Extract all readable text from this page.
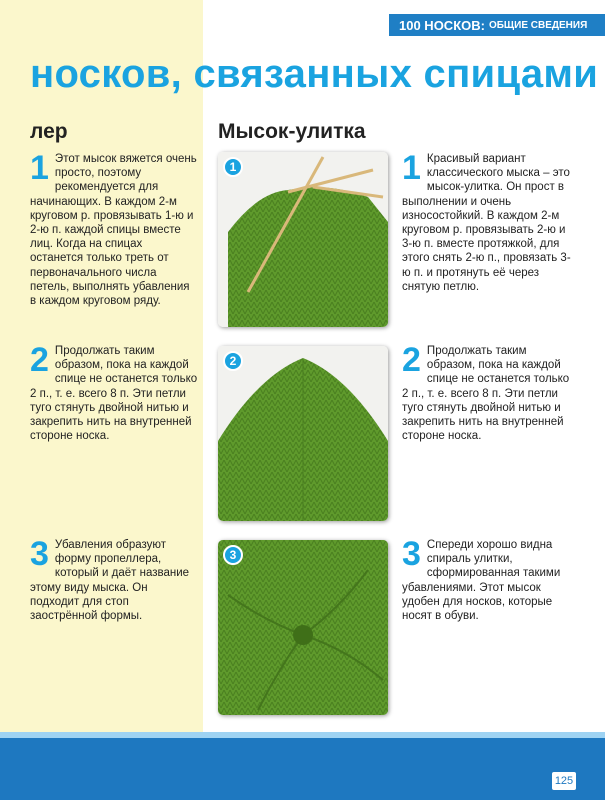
100 НОСКОВ: ОБЩИЕ СВЕДЕНИЯ
носков, связанных спицами
лер	Мысок-улитка
1 Этот мысок вяжется очень просто, поэтому рекомендуется для начинающих. В каждом 2-м круговом р. провязывать 1-ю и 2-ю п. каждой спицы вместе лиц. Когда на спицах останется только треть от первоначального числа петель, выполнять убавления в каждом круговом ряду.
2 Продолжать таким образом, пока на каждой спице не останется только 2 п., т. е. всего 8 п. Эти петли туго стянуть двойной нитью и закрепить нить на внутренней стороне носка.
3 Убавления образуют форму пропеллера, который и даёт название этому виду мыска. Он подходит для стоп заострённой формы.
1
2
3
1 Красивый вариант классического мыска – это мысок-улитка. Он прост в выполнении и очень износостойкий. В каждом 2-м круговом р. провязывать 2-ю и 3-ю п. вместе протяжкой, для этого снять 2-ю п., провязать 3-ю п. и протянуть её через снятую петлю.
2 Продолжать таким образом, пока на каждой спице не останется только 2 п., т. е. всего 8 п. Эти петли туго стянуть двойной нитью и закрепить нить на внутренней стороне носка.
3 Спереди хорошо видна спираль улитки, сформированная такими убавлениями. Этот мысок удобен для носков, которые носят в обуви.
125
